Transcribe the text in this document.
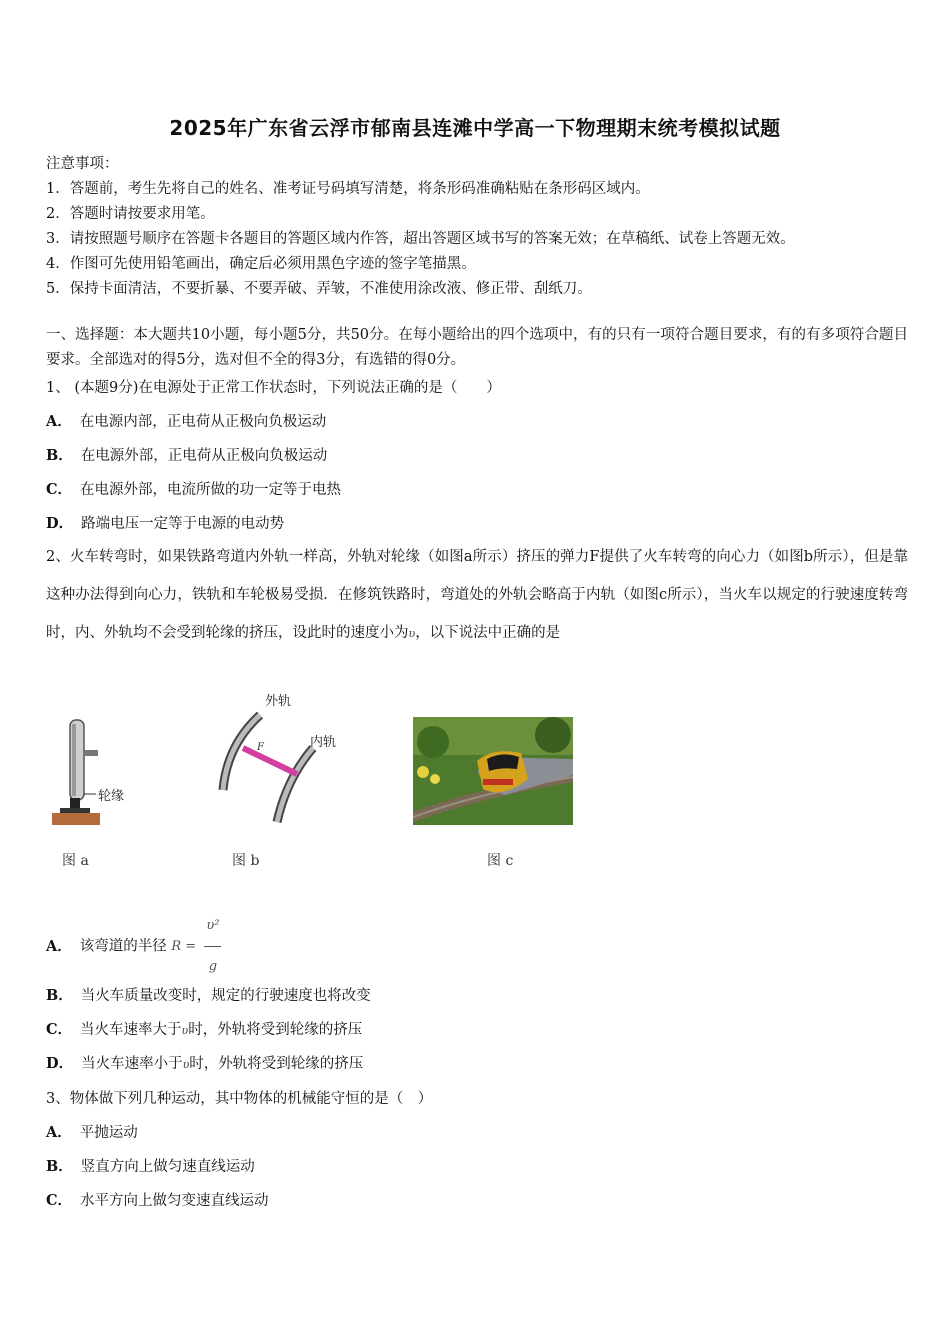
2025年广东省云浮市郁南县连滩中学高一下物理期末统考模拟试题
注意事项：
1．答题前，考生先将自己的姓名、准考证号码填写清楚，将条形码准确粘贴在条形码区域内。
2．答题时请按要求用笔。
3．请按照题号顺序在答题卡各题目的答题区域内作答，超出答题区域书写的答案无效；在草稿纸、试卷上答题无效。
4．作图可先使用铅笔画出，确定后必须用黑色字迹的签字笔描黑。
5．保持卡面清洁，不要折暴、不要弄破、弄皱，不准使用涂改液、修正带、刮纸刀。
一、选择题：本大题共10小题，每小题5分，共50分。在每小题给出的四个选项中，有的只有一项符合题目要求，有的有多项符合题目要求。全部选对的得5分，选对但不全的得3分，有选错的得0分。
1、 (本题9分)在电源处于正常工作状态时，下列说法正确的是（　　）
A． 在电源内部，正电荷从正极向负极运动
B． 在电源外部，正电荷从正极向负极运动
C． 在电源外部，电流所做的功一定等于电热
D． 路端电压一定等于电源的电动势
2、火车转弯时，如果铁路弯道内外轨一样高，外轨对轮缘（如图a所示）挤压的弹力F提供了火车转弯的向心力（如图b所示），但是靠这种办法得到向心力，铁轨和车轮极易受损．在修筑铁路时，弯道处的外轨会略高于内轨（如图c所示），当火车以规定的行驶速度转弯时，内、外轨均不会受到轮缘的挤压，设此时的速度小为υ，以下说法中正确的是
轮缘
外轨
内轨
F
图 a	图 b	图 c
A． 该弯道的半径 $R = \frac{\text{υ²}}{g}$
B． 当火车质量改变时，规定的行驶速度也将改变
C． 当火车速率大于υ时，外轨将受到轮缘的挤压
D． 当火车速率小于υ时，外轨将受到轮缘的挤压
3、物体做下列几种运动，其中物体的机械能守恒的是（　）
A． 平抛运动
B． 竖直方向上做匀速直线运动
C． 水平方向上做匀变速直线运动
